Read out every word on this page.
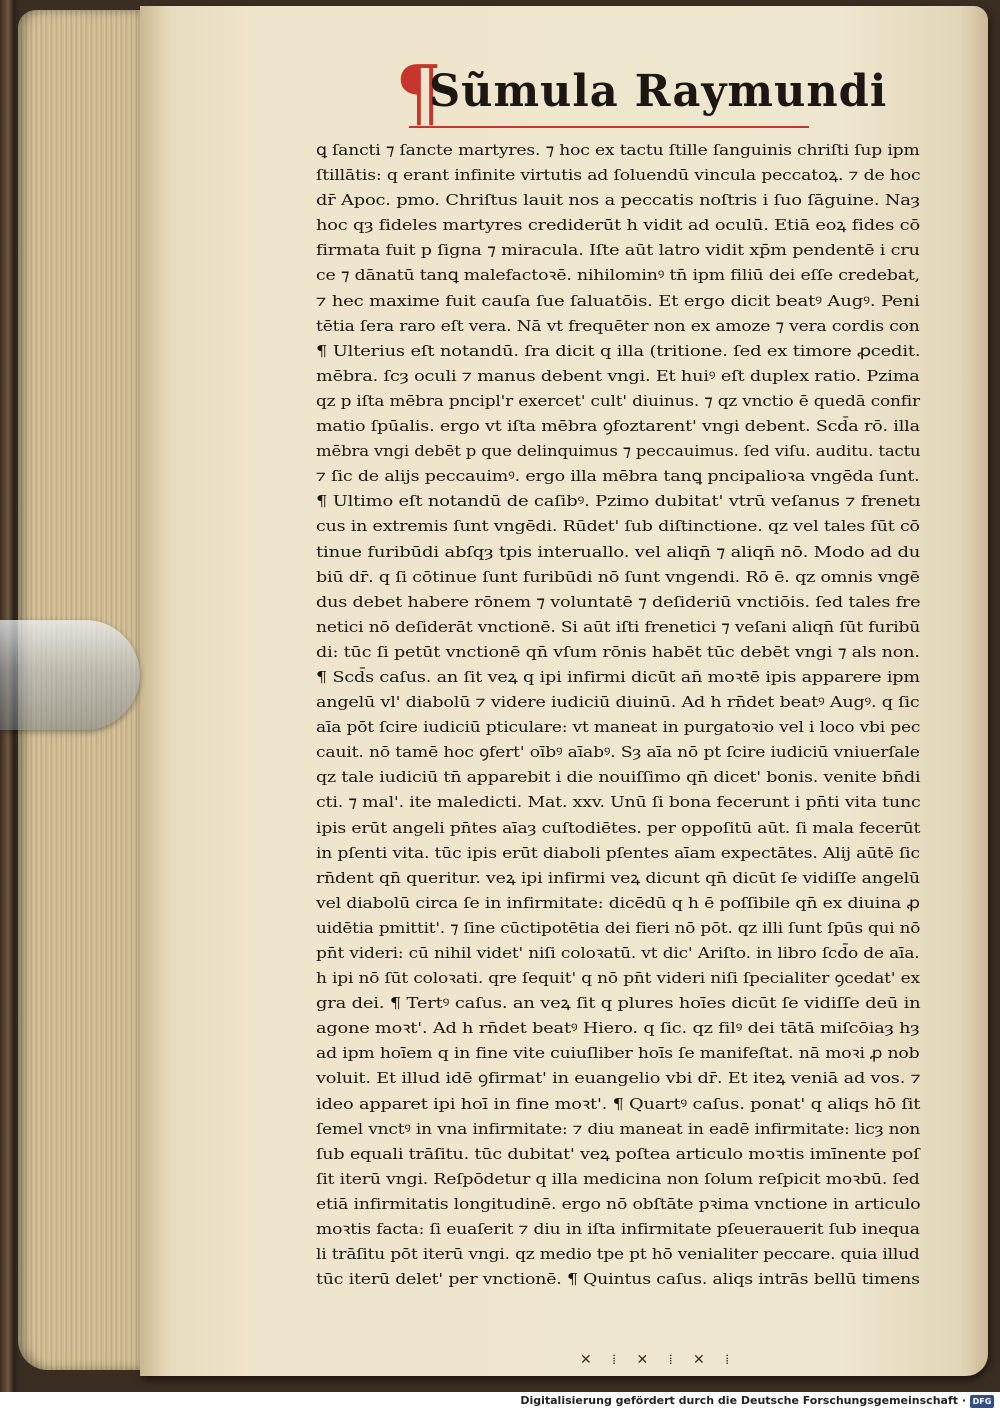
¶
Sũmula Raymundi
ꝗ ſancti ⁊ ſancte martyres. ⁊ hoc ex tactu ſtille ſanguinis chriſti ſup ipm
ſtillātis: q erant infinite virtutis ad ſoluendū vincula peccatoꝝ. ⁊ de hoc
dr̄ Apoc. pmo. Chriſtus lauit nos a peccatis noſtris i ſuo ſāguine. Naȝ
hoc qȝ fideles martyres crediderūt h vidit ad oculū. Etiā eoꝝ fides cō
firmata fuit p ſigna ⁊ miracula. Iſte aūt latro vidit xp̄m pendentē i cru
ce ⁊ dānatū tanꝗ malefactoꝛē. nihilominꝰ tn̄ ipm filiū dei eſſe credebat,
⁊ hec maxime fuit cauſa ſue ſaluatōis. Et ergo dicit beatꝰ Augꝰ. Peni
tētia ſera raro eſt vera. Nā vt frequēter non ex amoze ⁊ vera cordis con
¶ Ulterius eſt notandū. ſra dicit q illa (tritione. ſed ex timore ꝓcedit.
mēbra. ſcȝ oculi ⁊ manus debent vngi. Et huiꝰ eſt duplex ratio. Pzima
qz p iſta mēbra pncipl'r exercet' cult' diuinus. ⁊ qz vnctio ē quedā confir
matio ſpūalis. ergo vt iſta mēbra ꝯfoztarent' vngi debent. Scd̄a rō. illa
mēbra vngi debēt p que delinquimus ⁊ peccauimus. ſed viſu. auditu. tactu
⁊ ſic de alijs peccauimꝰ. ergo illa mēbra tanꝗ pncipalioꝛa vngēda ſunt.
¶ Ultimo eſt notandū de caſibꝰ. Pzimo dubitat' vtrū veſanus ⁊ frenetı
cus in extremis ſunt vngēdi. Rūdet' ſub diſtinctione. qz vel tales ſūt cō
tinue furibūdi abſqȝ tpis interuallo. vel aliqn̄ ⁊ aliqn̄ nō. Modo ad du
biū dr̄. q ſi cōtinue ſunt furibūdi nō ſunt vngendi. Rō ē. qz omnis vngē
dus debet habere rōnem ⁊ voluntatē ⁊ deſideriū vnctiōis. ſed tales fre
netici nō deſiderāt vnctionē. Si aūt iſti frenetici ⁊ veſani aliqn̄ ſūt furibū
di: tūc ſi petūt vnctionē qn̄ vſum rōnis habēt tūc debēt vngi ⁊ als non.
¶ Scd̄s caſus. an ſit veꝝ q ipi infirmi dicūt an̄ moꝛtē ipis apparere ipm
angelū vl' diabolū ⁊ videre iudiciū diuinū. Ad h rn̄det beatꝰ Augꝰ. q ſic
aīa pōt ſcire iudiciū pticulare: vt maneat in purgatoꝛio vel i loco vbi pec
cauit. nō tamē hoc ꝯfert' oībꝰ aīabꝰ. Sȝ aīa nō pt ſcire iudiciū vniuerſale
qz tale iudiciū tn̄ apparebit i die nouiſſimo qn̄ dicet' bonis. venite bn̄di
cti. ⁊ mal'. ite maledicti. Mat. xxv. Unū ſi bona fecerunt i pn̄ti vita tunc
ipis erūt angeli pn̄tes aīaȝ cuſtodiētes. per oppoſitū aūt. ſi mala fecerūt
in pſenti vita. tūc ipis erūt diaboli pſentes aīam expectātes. Alij aūtē ſic
rn̄dent qn̄ queritur. veꝝ ipi infirmi veꝝ dicunt qn̄ dicūt ſe vidiſſe angelū
vel diabolū circa ſe in infirmitate: dicēdū q h ē poſſibile qn̄ ex diuina ꝓ
uidētia pmittit'. ⁊ ſine cūctipotētia dei fieri nō pōt. qz illi ſunt ſpūs qui nō
pn̄t videri: cū nihil videt' niſi coloꝛatū. vt dic' Ariſto. in libro ſcd̄o de aīa.
h ipi nō ſūt coloꝛati. qre ſequit' q nō pn̄t videri niſi ſpecialiter ꝯcedat' ex
gra dei. ¶ Tertꝰ caſus. an veꝝ ſit q plures hoīes dicūt ſe vidiſſe deū in
agone moꝛt'. Ad h rn̄det beatꝰ Hiero. q ſic. qz filꝰ dei tātā miſcōiaȝ hȝ
ad ipm hoīem q in fine vite cuiuſliber hoīs ſe manifeſtat. nā moꝛi ꝓ nob
voluit. Et illud idē ꝯfirmat' in euangelio vbi dr̄. Et iteꝝ veniā ad vos. ⁊
ideo apparet ipi hoī in fine moꝛt'. ¶ Quartꝰ caſus. ponat' q aliqs hō ſit
ſemel vnctꝰ in vna infirmitate: ⁊ diu maneat in eadē infirmitate: licȝ non
ſub equali trāſitu. tūc dubitat' veꝝ poſtea articulo moꝛtis imīnente poſ
ſit iterū vngi. Reſpōdetur q illa medicina non ſolum reſpicit moꝛbū. ſed
etiā infirmitatis longitudinē. ergo nō obſtāte pꝛima vnctione in articulo
moꝛtis facta: ſi euaſerit ⁊ diu in iſta infirmitate pſeuerauerit ſub inequa
li trāſitu pōt iterū vngi. qz medio tpe pt hō venialiter peccare. quia illud
tūc iterū delet' per vnctionē. ¶ Quintus caſus. aliqs intrās bellū timens
✕ ⁞ ✕ ⁞ ✕ ⁞
Digitalisierung gefördert durch die Deutsche Forschungsgemeinschaft · DFG
